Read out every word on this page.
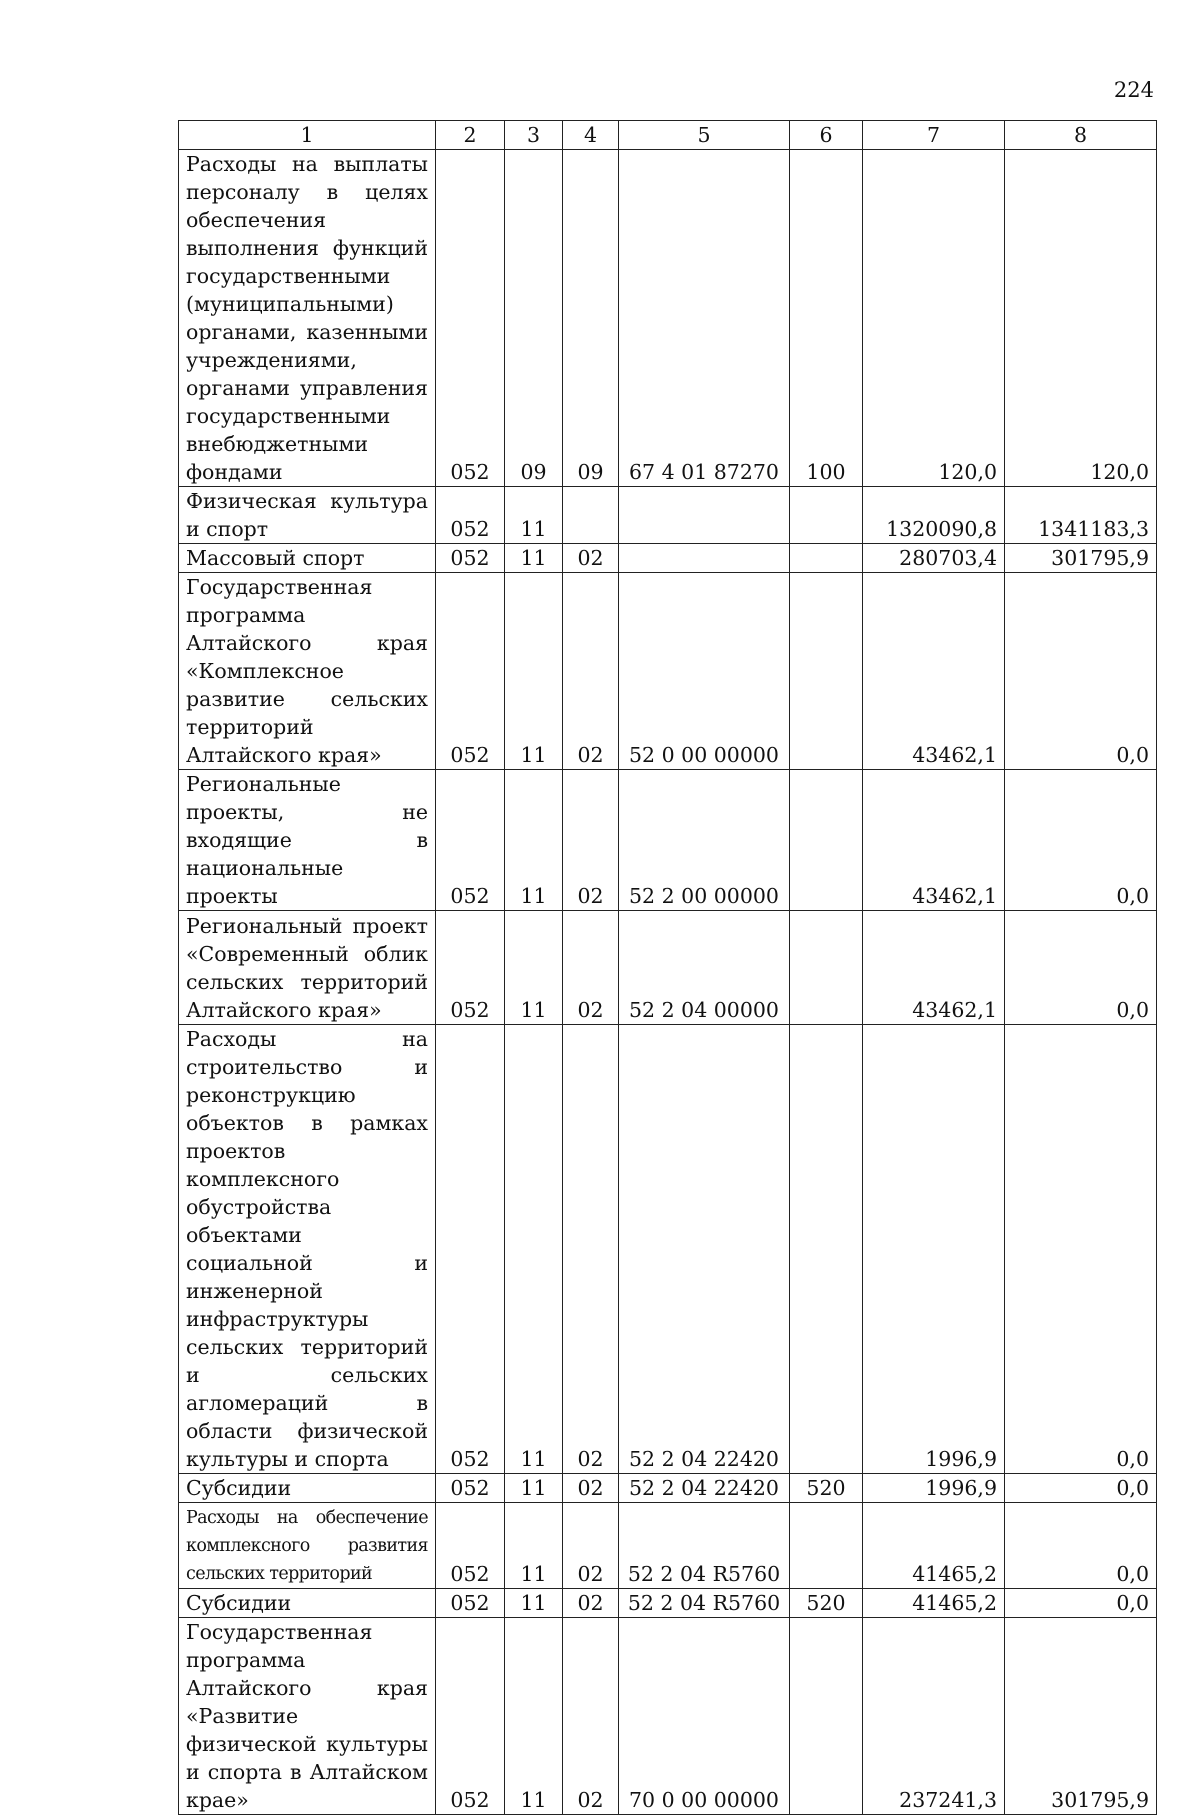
224
1	2	3	4	5	6	7	8
Расходы на выплаты персоналу в целях обеспечения выполнения функций государственными (муниципальными) органами, казенными учреждениями, органами управления государственными внебюджетными фондами	052	09	09	67 4 01 87270	100	120,0	120,0
Физическая культура и спорт	052	11				1320090,8	1341183,3
Массовый спорт	052	11	02			280703,4	301795,9
Государственная программа Алтайского края «Комплексное развитие сельских территорий Алтайского края»	052	11	02	52 0 00 00000		43462,1	0,0
Региональные проекты, не входящие в национальные проекты	052	11	02	52 2 00 00000		43462,1	0,0
Региональный проект «Современный облик сельских территорий Алтайского края»	052	11	02	52 2 04 00000		43462,1	0,0
Расходы на строительство и реконструкцию объектов в рамках проектов комплексного обустройства объектами социальной и инженерной инфраструктуры сельских территорий и сельских агломераций в области физической культуры и спорта	052	11	02	52 2 04 22420		1996,9	0,0
Субсидии	052	11	02	52 2 04 22420	520	1996,9	0,0
Расходы на обеспечение комплексного развития сельских территорий	052	11	02	52 2 04 R5760		41465,2	0,0
Субсидии	052	11	02	52 2 04 R5760	520	41465,2	0,0
Государственная программа Алтайского края «Развитие физической культуры и спорта в Алтайском крае»	052	11	02	70 0 00 00000		237241,3	301795,9
